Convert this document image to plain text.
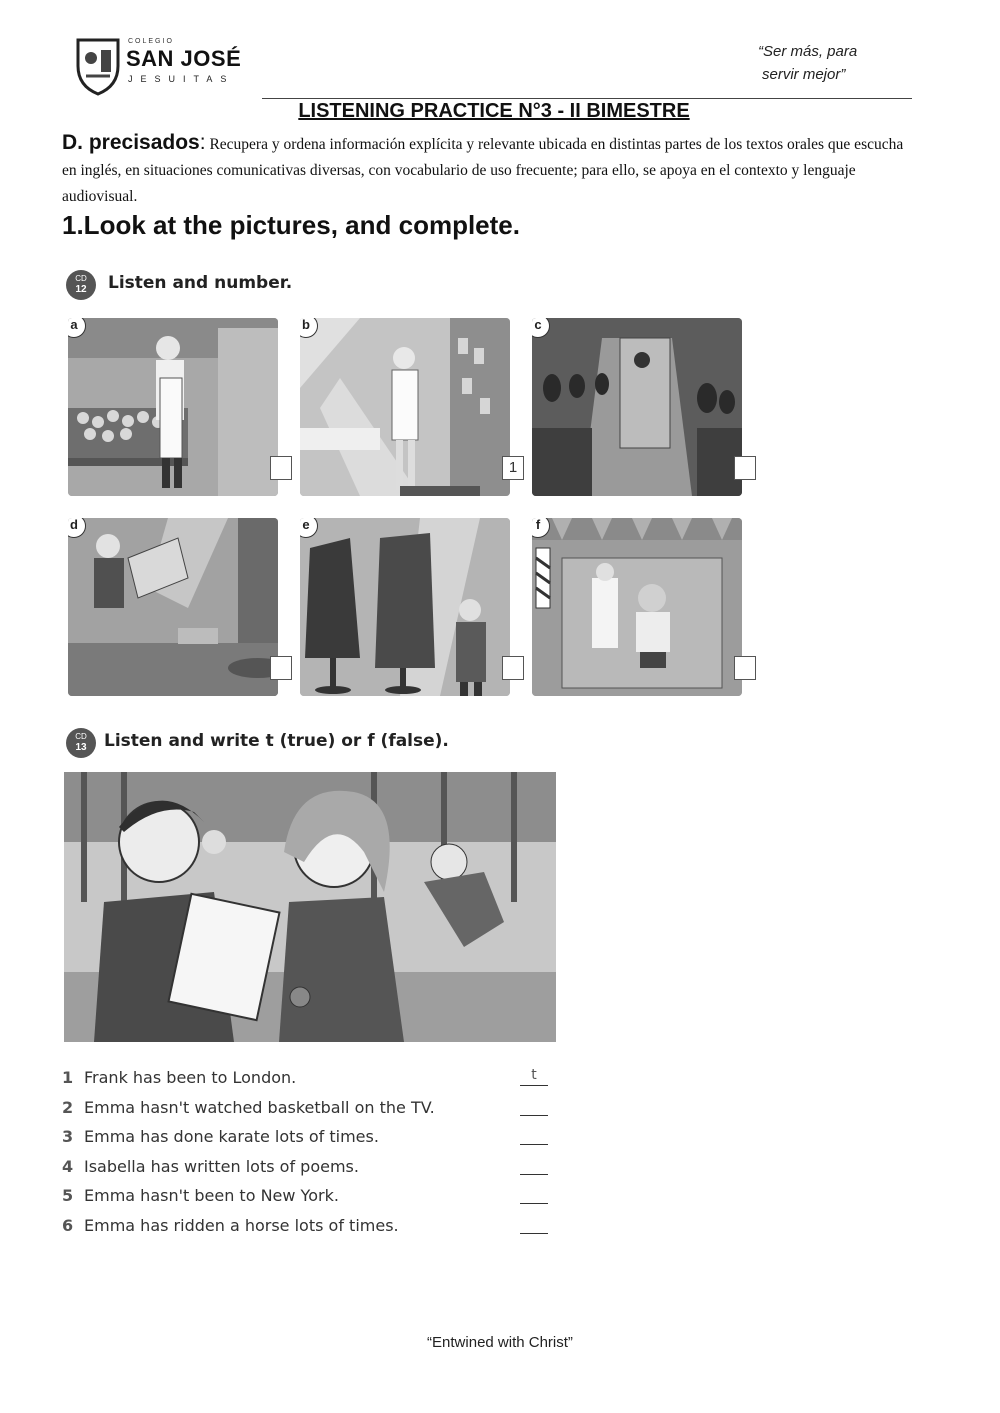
COLEGIO
SAN JOSÉ
JESUITAS
“Ser más, para
servir mejor”
LISTENING PRACTICE N°3 - II BIMESTRE
D. precisados: Recupera y ordena información explícita y relevante ubicada en distintas partes de los textos orales que escucha en inglés, en situaciones comunicativas diversas, con vocabulario de uso frecuente; para ello, se apoya en el contexto y lenguaje audiovisual.
1.Look at the pictures, and complete.
CD
12	Listen and number.
a	b
1
c
d	e	f
CD
13	Listen and write t (true) or f (false).
1 Frank has been to London.	t
2 Emma hasn't watched basketball on the TV.
3 Emma has done karate lots of times.
4 Isabella has written lots of poems.
5 Emma hasn't been to New York.
6 Emma has ridden a horse lots of times.
“Entwined with Christ”
